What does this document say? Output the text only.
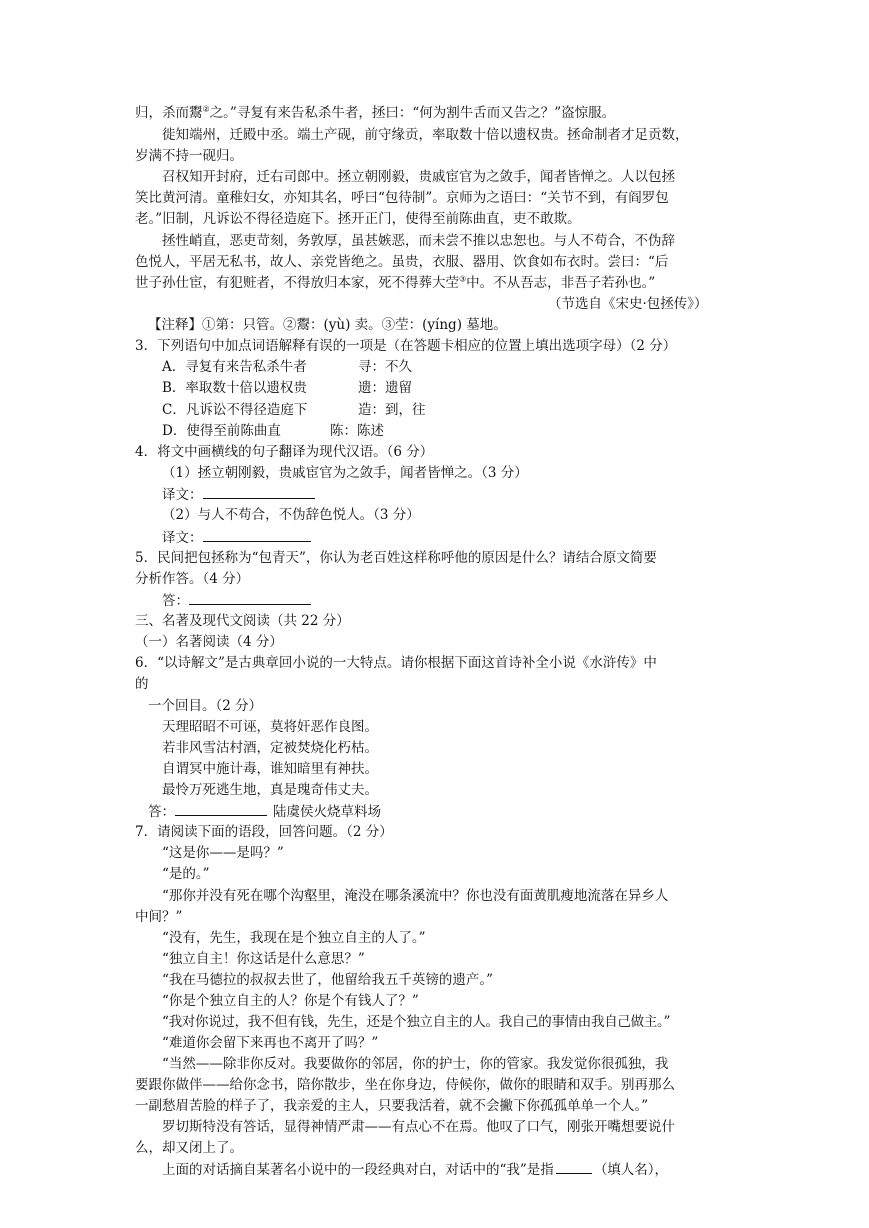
归，杀而鬻②之。”寻复有来告私杀牛者，拯曰：“何为割牛舌而又告之？”盗惊服。
徙知端州，迁殿中丞。端土产砚，前守缘贡，率取数十倍以遗权贵。拯命制者才足贡数，
岁满不持一砚归。
召权知开封府，迁右司郎中。拯立朝刚毅，贵戚宦官为之敛手，闻者皆惮之。人以包拯
笑比黄河清。童稚妇女，亦知其名，呼曰“包待制”。京师为之语曰：“关节不到，有阎罗包
老。”旧制，凡诉讼不得径造庭下。拯开正门，使得至前陈曲直，吏不敢欺。
拯性峭直，恶吏苛刻，务敦厚，虽甚嫉恶，而未尝不推以忠恕也。与人不苟合，不伪辞
色悦人，平居无私书，故人、亲党皆绝之。虽贵，衣服、器用、饮食如布衣时。尝曰：“后
世子孙仕宦，有犯赃者，不得放归本家，死不得葬大茔③中。不从吾志，非吾子若孙也。”
（节选自《宋史·包拯传》）
【注释】①第：只管。②鬻：(yù) 卖。③茔：(yíng) 墓地。
3．下列语句中加点词语解释有误的一项是（在答题卡相应的位置上填出选项字母）（2 分）
A．寻复有来告私杀牛者	寻：不久
B．率取数十倍以遗权贵	遗：遗留
C．凡诉讼不得径造庭下	造：到，往
D．使得至前陈曲直	陈：陈述
4．将文中画横线的句子翻译为现代汉语。（6 分）
（1）拯立朝刚毅，贵戚宦官为之敛手，闻者皆惮之。（3 分）
译文：
（2）与人不苟合，不伪辞色悦人。（3 分）
译文：
5．民间把包拯称为“包青天”，你认为老百姓这样称呼他的原因是什么？请结合原文简要
分析作答。（4 分）
答：
三、名著及现代文阅读（共 22 分）
（一）名著阅读（4 分）
6．“以诗解文”是古典章回小说的一大特点。请你根据下面这首诗补全小说《水浒传》中
的
一个回目。（2 分）
天理昭昭不可诬，莫将奸恶作良图。
若非风雪沽村酒，定被焚烧化朽枯。
自谓冥中施计毒，谁知暗里有神扶。
最怜万死逃生地，真是瑰奇伟丈夫。
答：	陆虞侯火烧草料场
7．请阅读下面的语段，回答问题。（2 分）
“这是你——是吗？”
“是的。”
“那你并没有死在哪个沟壑里，淹没在哪条溪流中？你也没有面黄肌瘦地流落在异乡人
中间？”
“没有，先生，我现在是个独立自主的人了。”
“独立自主！你这话是什么意思？”
“我在马德拉的叔叔去世了，他留给我五千英镑的遗产。”
“你是个独立自主的人？你是个有钱人了？”
“我对你说过，我不但有钱，先生，还是个独立自主的人。我自己的事情由我自己做主。”
“难道你会留下来再也不离开了吗？”
“当然——除非你反对。我要做你的邻居，你的护士，你的管家。我发觉你很孤独，我
要跟你做伴——给你念书，陪你散步，坐在你身边，侍候你，做你的眼睛和双手。别再那么
一副愁眉苦脸的样子了，我亲爱的主人，只要我活着，就不会撇下你孤孤单单一个人。”
罗切斯特没有答话，显得神情严肃——有点心不在焉。他叹了口气，刚张开嘴想要说什
么，却又闭上了。
上面的对话摘自某著名小说中的一段经典对白，对话中的“我”是指	（填人名），
